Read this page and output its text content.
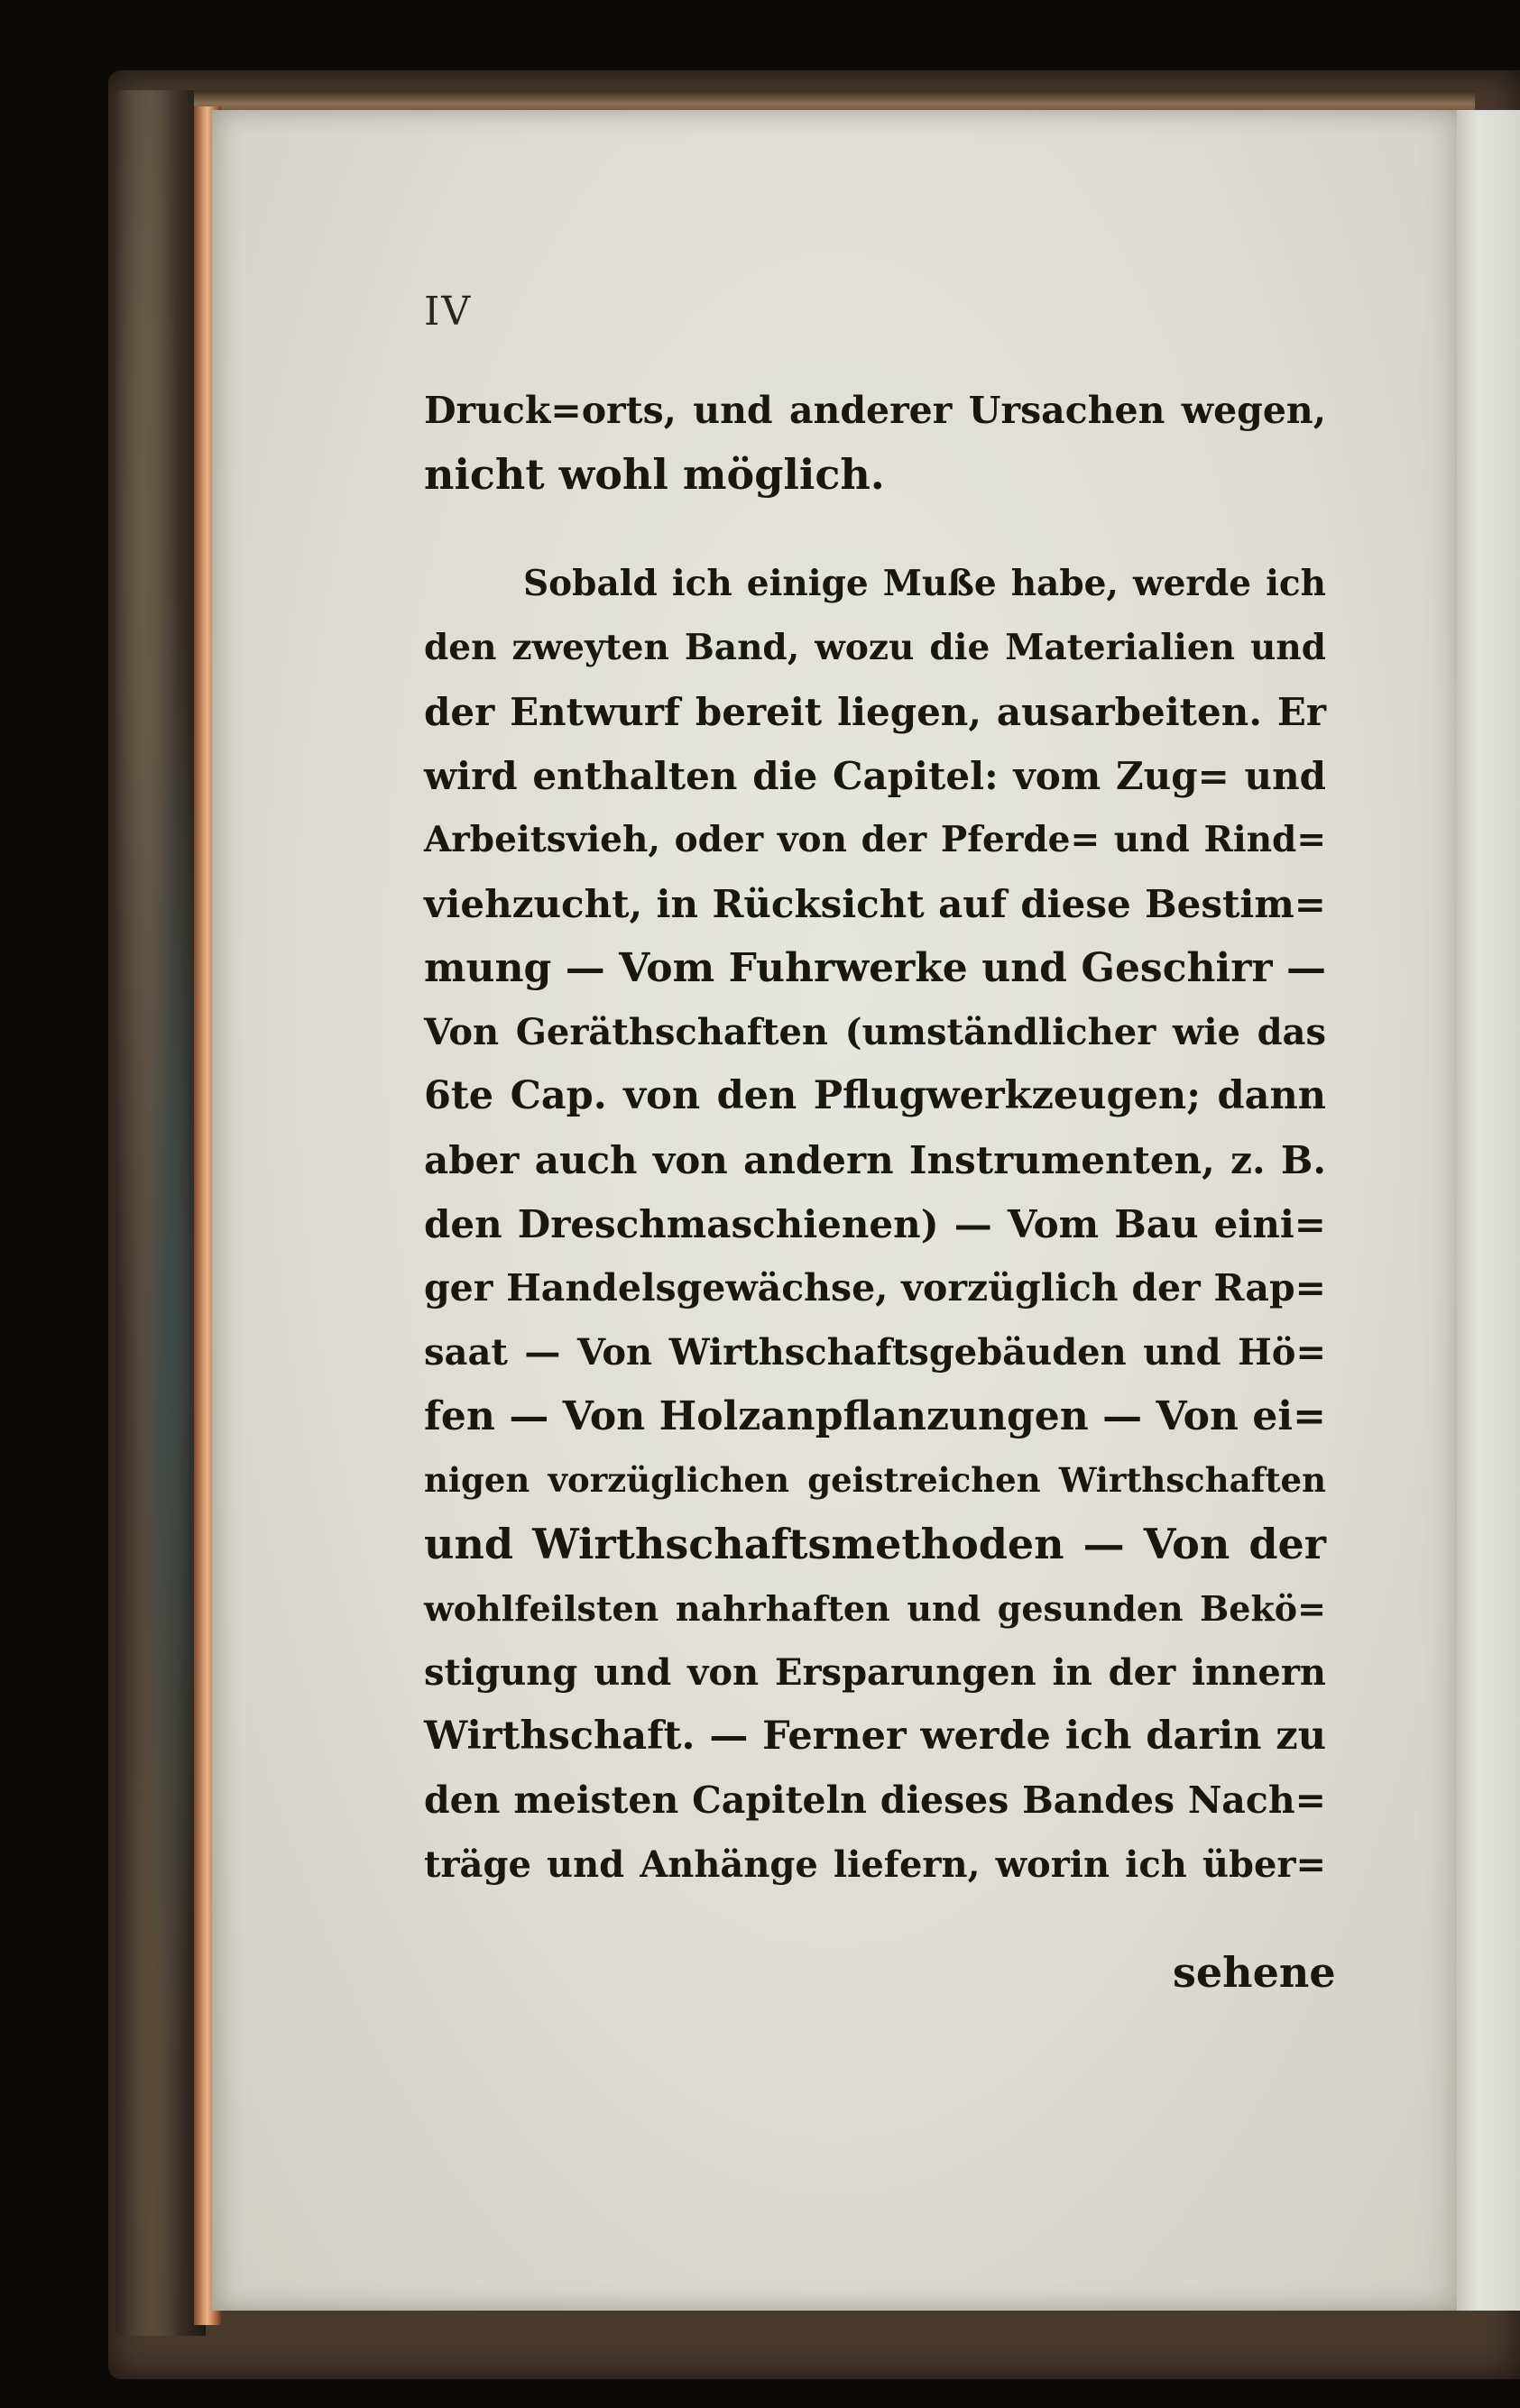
IV
Druck=orts, und anderer Ursachen wegen,
nicht wohl möglich.
Sobald ich einige Muße habe, werde ich
den zweyten Band, wozu die Materialien und
der Entwurf bereit liegen, ausarbeiten. Er
wird enthalten die Capitel: vom Zug= und
Arbeitsvieh, oder von der Pferde= und Rind=
viehzucht, in Rücksicht auf diese Bestim=
mung — Vom Fuhrwerke und Geschirr —
Von Geräthschaften (umständlicher wie das
6te Cap. von den Pflugwerkzeugen; dann
aber auch von andern Instrumenten, z. B.
den Dreschmaschienen) — Vom Bau eini=
ger Handelsgewächse, vorzüglich der Rap=
saat — Von Wirthschaftsgebäuden und Hö=
fen — Von Holzanpflanzungen — Von ei=
nigen vorzüglichen geistreichen Wirthschaften
und Wirthschaftsmethoden — Von der
wohlfeilsten nahrhaften und gesunden Bekö=
stigung und von Ersparungen in der innern
Wirthschaft. — Ferner werde ich darin zu
den meisten Capiteln dieses Bandes Nach=
träge und Anhänge liefern, worin ich über=
sehene
